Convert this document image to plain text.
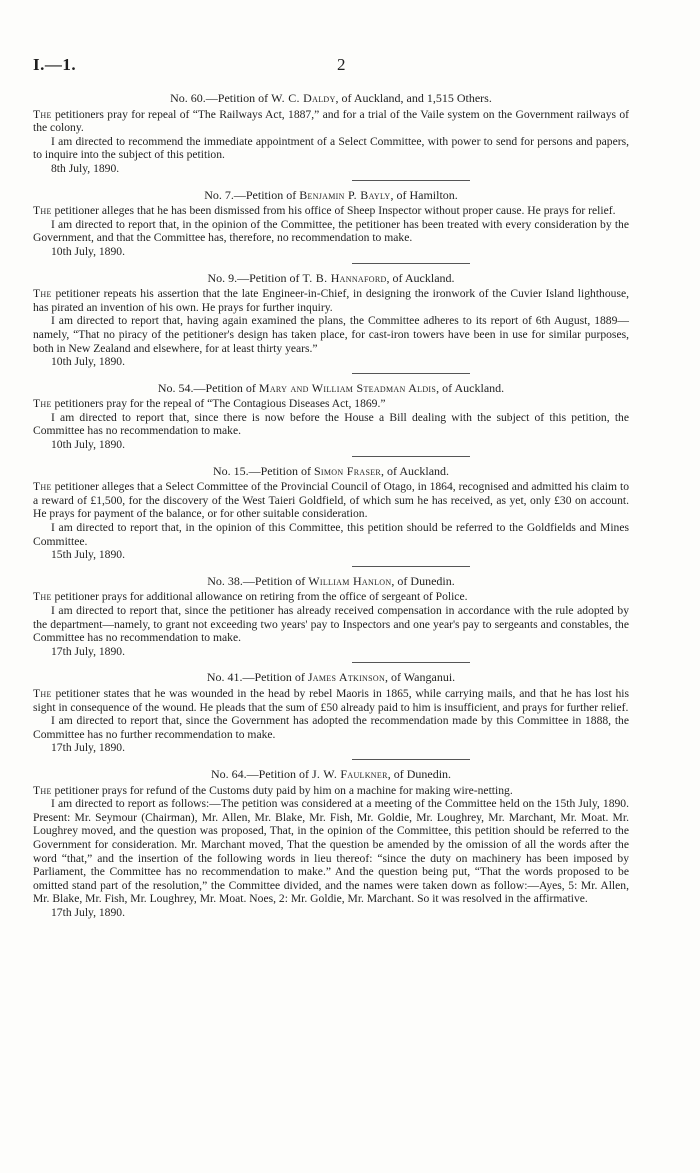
I.—1.	2

No. 60.—Petition of W. C. Daldy, of Auckland, and 1,515 Others.

The petitioners pray for repeal of “The Railways Act, 1887,” and for a trial of the Vaile system on the Government railways of the colony.

I am directed to recommend the immediate appointment of a Select Committee, with power to send for persons and papers, to inquire into the subject of this petition.

8th July, 1890.

No. 7.—Petition of Benjamin P. Bayly, of Hamilton.

The petitioner alleges that he has been dismissed from his office of Sheep Inspector without proper cause. He prays for relief.

I am directed to report that, in the opinion of the Committee, the petitioner has been treated with every consideration by the Government, and that the Committee has, therefore, no recommendation to make.

10th July, 1890.

No. 9.—Petition of T. B. Hannaford, of Auckland.

The petitioner repeats his assertion that the late Engineer-in-Chief, in designing the ironwork of the Cuvier Island lighthouse, has pirated an invention of his own. He prays for further inquiry.

I am directed to report that, having again examined the plans, the Committee adheres to its report of 6th August, 1889—namely, “That no piracy of the petitioner's design has taken place, for cast-iron towers have been in use for similar purposes, both in New Zealand and elsewhere, for at least thirty years.”

10th July, 1890.

No. 54.—Petition of Mary and William Steadman Aldis, of Auckland.

The petitioners pray for the repeal of “The Contagious Diseases Act, 1869.”

I am directed to report that, since there is now before the House a Bill dealing with the subject of this petition, the Committee has no recommendation to make.

10th July, 1890.

No. 15.—Petition of Simon Fraser, of Auckland.

The petitioner alleges that a Select Committee of the Provincial Council of Otago, in 1864, recognised and admitted his claim to a reward of £1,500, for the discovery of the West Taieri Goldfield, of which sum he has received, as yet, only £30 on account. He prays for payment of the balance, or for other suitable consideration.

I am directed to report that, in the opinion of this Committee, this petition should be referred to the Goldfields and Mines Committee.

15th July, 1890.

No. 38.—Petition of William Hanlon, of Dunedin.

The petitioner prays for additional allowance on retiring from the office of sergeant of Police.

I am directed to report that, since the petitioner has already received compensation in accordance with the rule adopted by the department—namely, to grant not exceeding two years' pay to Inspectors and one year's pay to sergeants and constables, the Committee has no recommendation to make.

17th July, 1890.

No. 41.—Petition of James Atkinson, of Wanganui.

The petitioner states that he was wounded in the head by rebel Maoris in 1865, while carrying mails, and that he has lost his sight in consequence of the wound. He pleads that the sum of £50 already paid to him is insufficient, and prays for further relief.

I am directed to report that, since the Government has adopted the recommendation made by this Committee in 1888, the Committee has no further recommendation to make.

17th July, 1890.

No. 64.—Petition of J. W. Faulkner, of Dunedin.

The petitioner prays for refund of the Customs duty paid by him on a machine for making wire-netting.

I am directed to report as follows:—The petition was considered at a meeting of the Committee held on the 15th July, 1890. Present: Mr. Seymour (Chairman), Mr. Allen, Mr. Blake, Mr. Fish, Mr. Goldie, Mr. Loughrey, Mr. Marchant, Mr. Moat. Mr. Loughrey moved, and the question was proposed, That, in the opinion of the Committee, this petition should be referred to the Government for consideration. Mr. Marchant moved, That the question be amended by the omission of all the words after the word “that,” and the insertion of the following words in lieu thereof: “since the duty on machinery has been imposed by Parliament, the Committee has no recommendation to make.” And the question being put, “That the words proposed to be omitted stand part of the resolution,” the Committee divided, and the names were taken down as follow:—Ayes, 5: Mr. Allen, Mr. Blake, Mr. Fish, Mr. Loughrey, Mr. Moat. Noes, 2: Mr. Goldie, Mr. Marchant. So it was resolved in the affirmative.

17th July, 1890.
